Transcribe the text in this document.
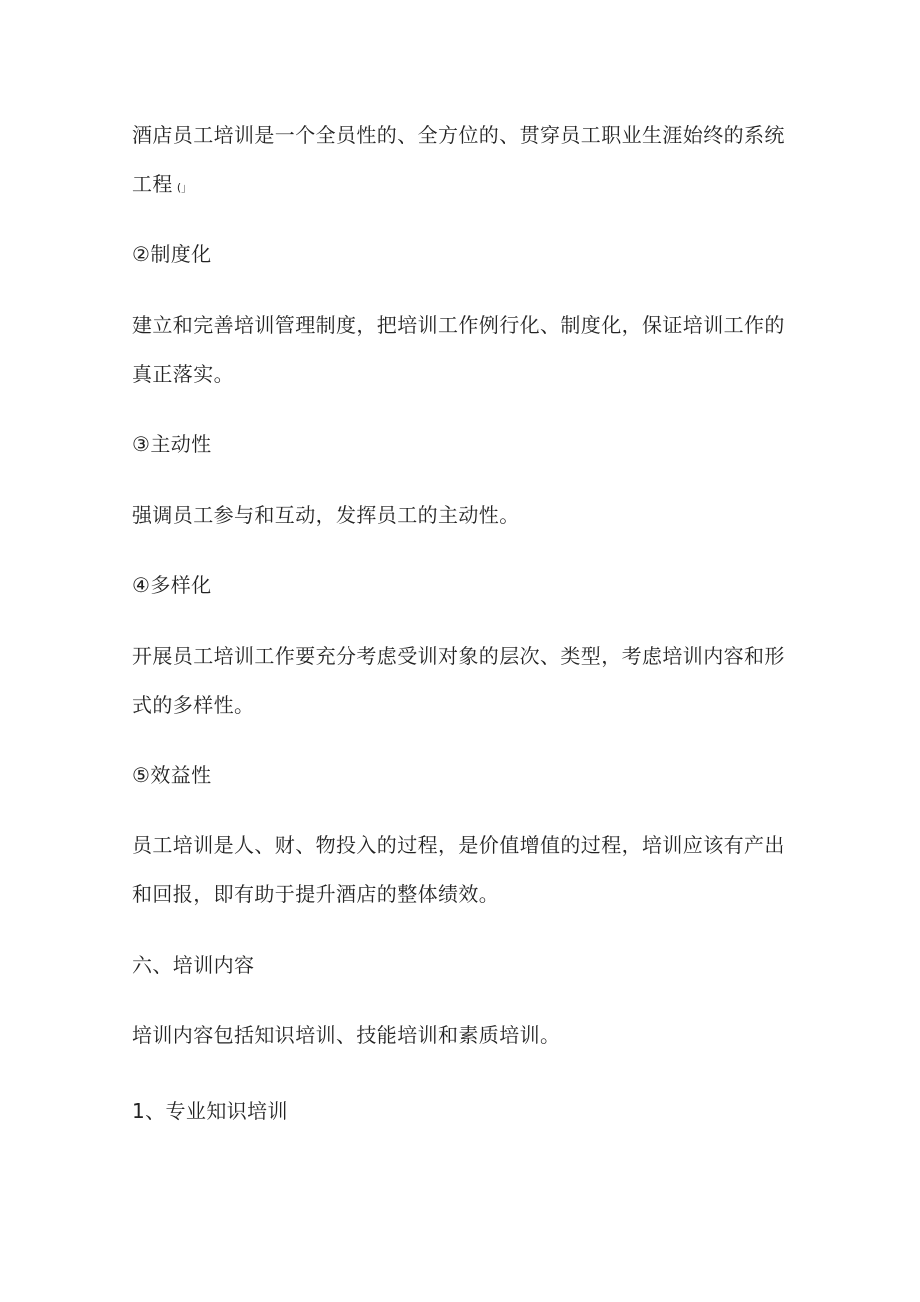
酒店员工培训是一个全员性的、全方位的、贯穿员工职业生涯始终的系统
工程 (」
②制度化
建立和完善培训管理制度，把培训工作例行化、制度化，保证培训工作的
真正落实。
③主动性
强调员工参与和互动，发挥员工的主动性。
④多样化
开展员工培训工作要充分考虑受训对象的层次、类型，考虑培训内容和形
式的多样性。
⑤效益性
员工培训是人、财、物投入的过程，是价值增值的过程，培训应该有产出
和回报，即有助于提升酒店的整体绩效。
六、培训内容
培训内容包括知识培训、技能培训和素质培训。
1、专业知识培训
